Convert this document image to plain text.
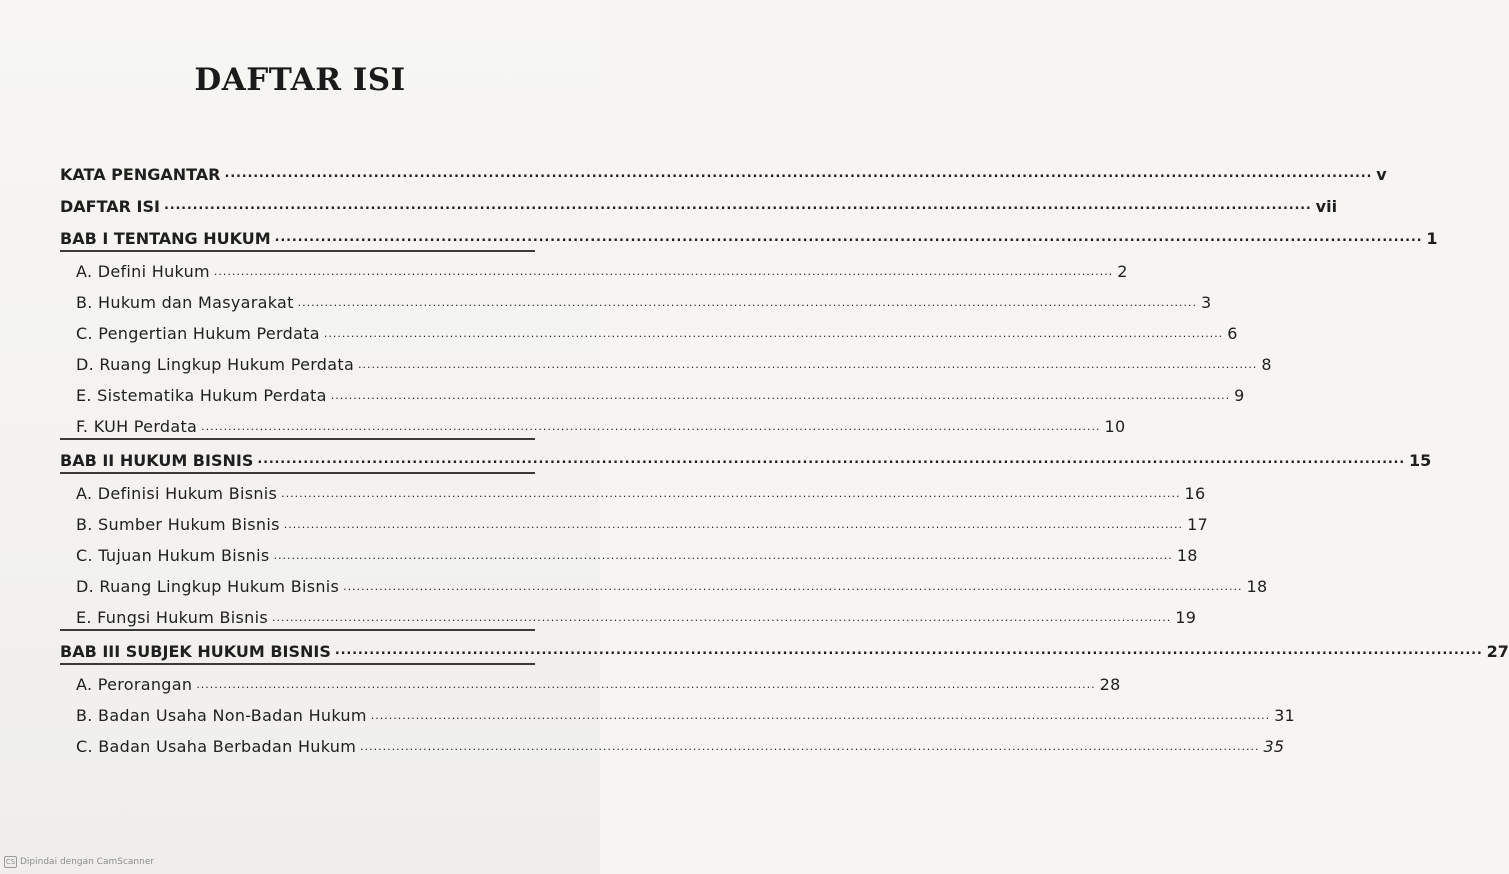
DAFTAR ISI
KATA PENGANTAR ........................................................................................................................................................................................................ v
DAFTAR ISI ........................................................................................................................................................................................................ vii
BAB I TENTANG HUKUM ........................................................................................................................................................................................................ 1
A. Defini Hukum ........................................................................................................................................................................................................ 2
B. Hukum dan Masyarakat ........................................................................................................................................................................................................ 3
C. Pengertian Hukum Perdata ........................................................................................................................................................................................................ 6
D. Ruang Lingkup Hukum Perdata ........................................................................................................................................................................................................ 8
E. Sistematika Hukum Perdata ........................................................................................................................................................................................................ 9
F. KUH Perdata ........................................................................................................................................................................................................ 10
BAB II HUKUM BISNIS ........................................................................................................................................................................................................ 15
A. Definisi Hukum Bisnis ........................................................................................................................................................................................................ 16
B. Sumber Hukum Bisnis ........................................................................................................................................................................................................ 17
C. Tujuan Hukum Bisnis ........................................................................................................................................................................................................ 18
D. Ruang Lingkup Hukum Bisnis ........................................................................................................................................................................................................ 18
E. Fungsi Hukum Bisnis ........................................................................................................................................................................................................ 19
BAB III SUBJEK HUKUM BISNIS ........................................................................................................................................................................................................ 27
A. Perorangan ........................................................................................................................................................................................................ 28
B. Badan Usaha Non-Badan Hukum ........................................................................................................................................................................................................ 31
C. Badan Usaha Berbadan Hukum ........................................................................................................................................................................................................ 35
CS Dipindai dengan CamScanner
